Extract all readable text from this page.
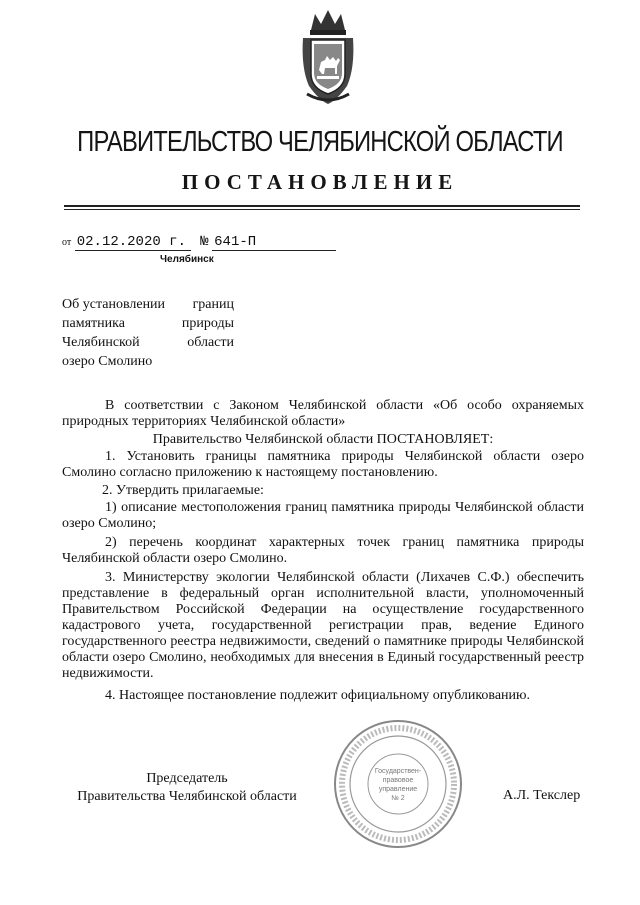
ПРАВИТЕЛЬСТВО ЧЕЛЯБИНСКОЙ ОБЛАСТИ
ПОСТАНОВЛЕНИЕ
от 02.12.2020 г. № 641-П
Челябинск
Об установлении границ
памятника	природы
Челябинской	области
озеро Смолино
В соответствии с Законом Челябинской области «Об особо охраняемых природных территориях Челябинской области»
Правительство Челябинской области ПОСТАНОВЛЯЕТ:
1. Установить границы памятника природы Челябинской области озеро Смолино согласно приложению к настоящему постановлению.
2. Утвердить прилагаемые:
1) описание местоположения границ памятника природы Челябинской области озеро Смолино;
2) перечень координат характерных точек границ памятника природы Челябинской области озеро Смолино.
3. Министерству экологии Челябинской области (Лихачев С.Ф.) обеспечить представление в федеральный орган исполнительной власти, уполномоченный Правительством Российской Федерации на осуществление государственного кадастрового учета, государственной регистрации прав, ведение Единого государственного реестра недвижимости, сведений о памятнике природы Челябинской области озеро Смолино, необходимых для внесения в Единый государственный реестр недвижимости.
4. Настоящее постановление подлежит официальному опубликованию.
Государствен-
правовое
управление
№ 2
Председатель
Правительства Челябинской области	А.Л. Текслер
